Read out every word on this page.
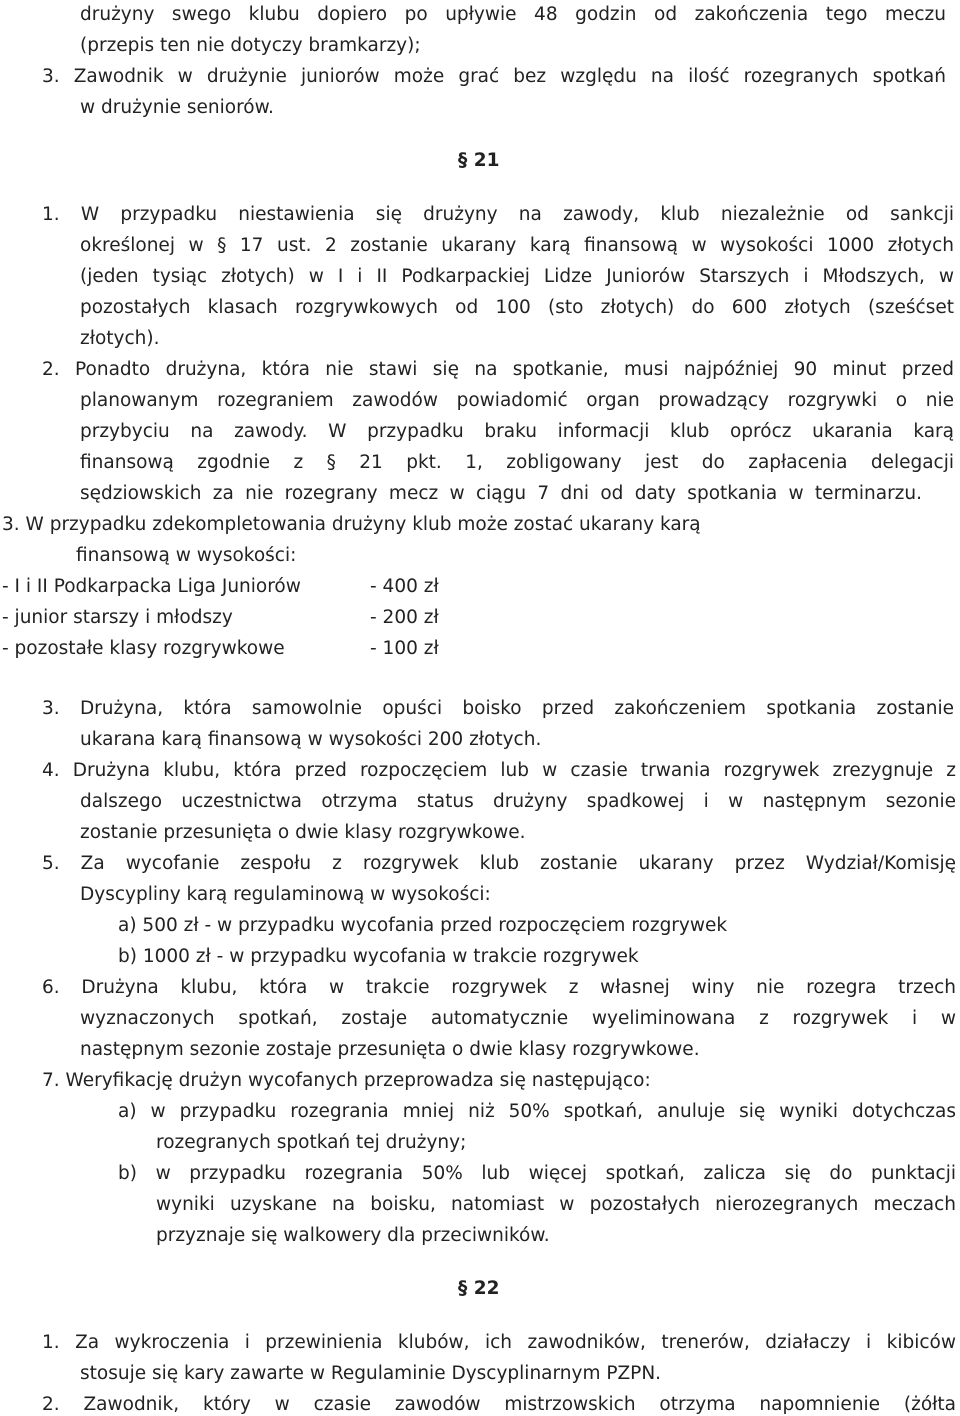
drużyny swego klubu dopiero po upływie 48 godzin od zakończenia tego meczu
(przepis ten nie dotyczy bramkarzy);
3. Zawodnik w drużynie juniorów może grać bez względu na ilość rozegranych spotkań
w drużynie seniorów.
§ 21
1. W przypadku niestawienia się drużyny na zawody, klub niezależnie od sankcji
określonej w § 17 ust. 2 zostanie ukarany karą finansową w wysokości 1000 złotych
(jeden tysiąc złotych) w I i II Podkarpackiej Lidze Juniorów Starszych i Młodszych, w
pozostałych klasach rozgrywkowych od 100 (sto złotych) do 600 złotych (sześćset
złotych).
2. Ponadto drużyna, która nie stawi się na spotkanie, musi najpóźniej 90 minut przed
planowanym rozegraniem zawodów powiadomić organ prowadzący rozgrywki o nie
przybyciu na zawody. W przypadku braku informacji klub oprócz ukarania karą
finansową zgodnie z § 21 pkt. 1, zobligowany jest do zapłacenia delegacji
sędziowskich za nie rozegrany mecz w ciągu 7 dni od daty spotkania w terminarzu.
3. W przypadku zdekompletowania drużyny klub może zostać ukarany karą
finansową w wysokości:
- I i II Podkarpacka Liga Juniorów	- 400 zł
- junior starszy i młodszy	- 200 zł
- pozostałe klasy rozgrywkowe	- 100 zł
3. Drużyna, która samowolnie opuści boisko przed zakończeniem spotkania zostanie
ukarana karą finansową w wysokości 200 złotych.
4. Drużyna klubu, która przed rozpoczęciem lub w czasie trwania rozgrywek zrezygnuje z
dalszego uczestnictwa otrzyma status drużyny spadkowej i w następnym sezonie
zostanie przesunięta o dwie klasy rozgrywkowe.
5. Za wycofanie zespołu z rozgrywek klub zostanie ukarany przez Wydział/Komisję
Dyscypliny karą regulaminową w wysokości:
a) 500 zł - w przypadku wycofania przed rozpoczęciem rozgrywek
b) 1000 zł - w przypadku wycofania w trakcie rozgrywek
6. Drużyna klubu, która w trakcie rozgrywek z własnej winy nie rozegra trzech
wyznaczonych spotkań, zostaje automatycznie wyeliminowana z rozgrywek i w
następnym sezonie zostaje przesunięta o dwie klasy rozgrywkowe.
7. Weryfikację drużyn wycofanych przeprowadza się następująco:
a) w przypadku rozegrania mniej niż 50% spotkań, anuluje się wyniki dotychczas
rozegranych spotkań tej drużyny;
b) w przypadku rozegrania 50% lub więcej spotkań, zalicza się do punktacji
wyniki uzyskane na boisku, natomiast w pozostałych nierozegranych meczach
przyznaje się walkowery dla przeciwników.
§ 22
1. Za wykroczenia i przewinienia klubów, ich zawodników, trenerów, działaczy i kibiców
stosuje się kary zawarte w Regulaminie Dyscyplinarnym PZPN.
2. Zawodnik, który w czasie zawodów mistrzowskich otrzyma napomnienie (żółta
